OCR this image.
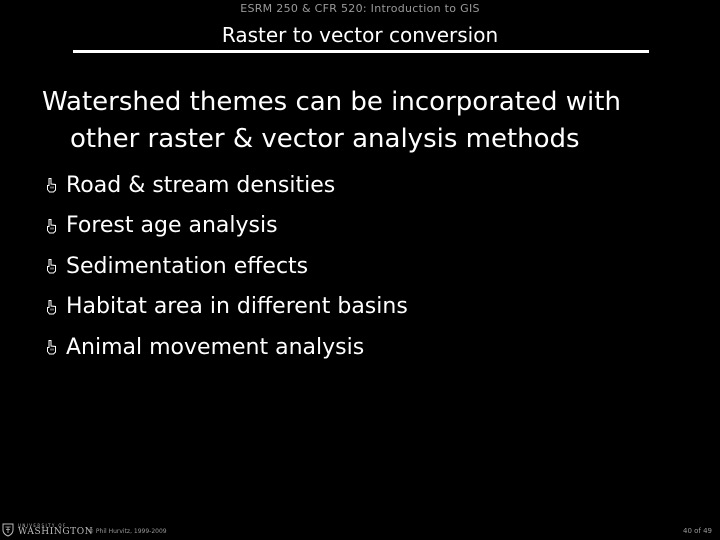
ESRM 250 & CFR 520: Introduction to GIS
Raster to vector conversion
Watershed themes can be incorporated with
other raster & vector analysis methods
Road & stream densities
Forest age analysis
Sedimentation effects
Habitat area in different basins
Animal movement analysis
UNIVERSITY OF
WASHINGTON
© Phil Hurvitz, 1999-2009	40 of 49
